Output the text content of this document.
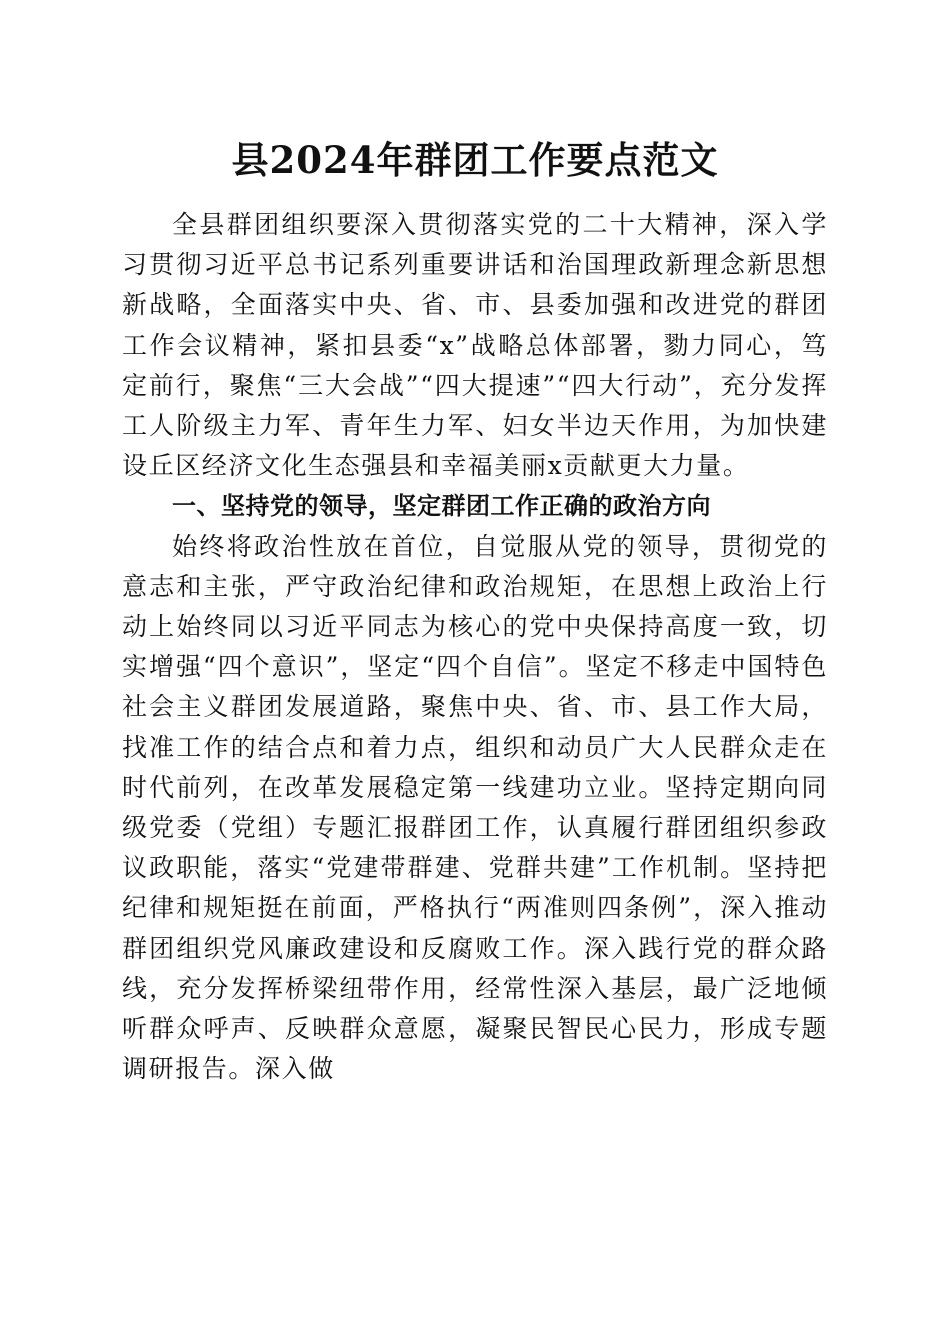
县2024年群团工作要点范文

全县群团组织要深入贯彻落实党的二十大精神，深入学习贯彻习近平总书记系列重要讲话和治国理政新理念新思想新战略，全面落实中央、省、市、县委加强和改进党的群团工作会议精神，紧扣县委“x”战略总体部署，勠力同心，笃定前行，聚焦“三大会战”“四大提速”“四大行动”，充分发挥工人阶级主力军、青年生力军、妇女半边天作用，为加快建设丘区经济文化生态强县和幸福美丽x贡献更大力量。

一、坚持党的领导，坚定群团工作正确的政治方向

始终将政治性放在首位，自觉服从党的领导，贯彻党的意志和主张，严守政治纪律和政治规矩，在思想上政治上行动上始终同以习近平同志为核心的党中央保持高度一致，切实增强“四个意识”，坚定“四个自信”。坚定不移走中国特色社会主义群团发展道路，聚焦中央、省、市、县工作大局，找准工作的结合点和着力点，组织和动员广大人民群众走在时代前列，在改革发展稳定第一线建功立业。坚持定期向同级党委（党组）专题汇报群团工作，认真履行群团组织参政议政职能，落实“党建带群建、党群共建”工作机制。坚持把纪律和规矩挺在前面，严格执行“两准则四条例”，深入推动群团组织党风廉政建设和反腐败工作。深入践行党的群众路线，充分发挥桥梁纽带作用，经常性深入基层，最广泛地倾听群众呼声、反映群众意愿，凝聚民智民心民力，形成专题调研报告。深入做
